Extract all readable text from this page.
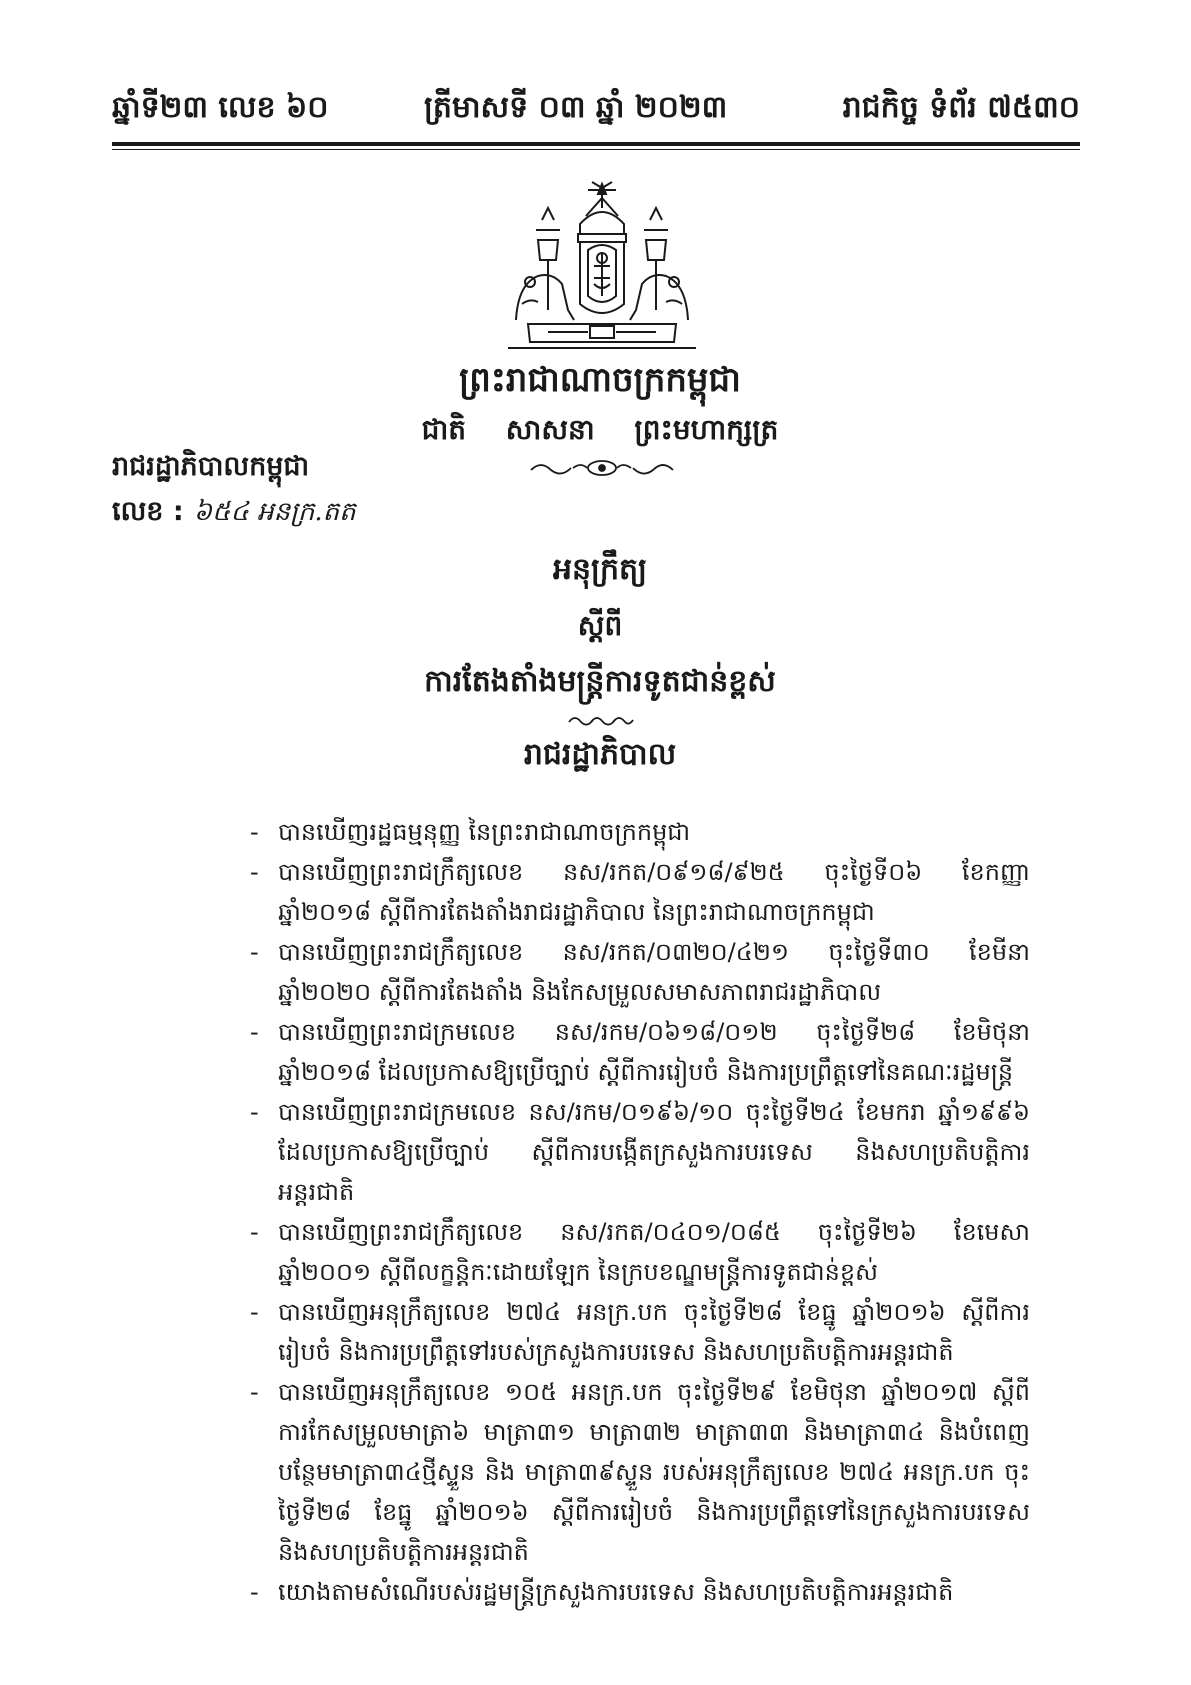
ឆ្នាំទី២៣ លេខ ៦០	ត្រីមាសទី ០៣ ឆ្នាំ ២០២៣	រាជកិច្ច ទំព័រ ៧៥៣០
ព្រះរាជាណាចក្រកម្ពុជា
ជាតិ សាសនា ព្រះមហាក្សត្រ
រាជរដ្ឋាភិបាលកម្ពុជា
លេខ : ៦៥៤ អនក្រ.តត
អនុក្រឹត្យ
ស្តីពី
ការតែងតាំងមន្ត្រីការទូតជាន់ខ្ពស់
រាជរដ្ឋាភិបាល
- បានឃើញរដ្ឋធម្មនុញ្ញ នៃព្រះរាជាណាចក្រកម្ពុជា
- បានឃើញព្រះរាជក្រឹត្យលេខ នស/រកត/០៩១៨/៩២៥ ចុះថ្ងៃទី០៦ ខែកញ្ញា ឆ្នាំ២០១៨ ស្តីពីការតែងតាំងរាជរដ្ឋាភិបាល នៃព្រះរាជាណាចក្រកម្ពុជា
- បានឃើញព្រះរាជក្រឹត្យលេខ នស/រកត/០៣២០/៤២១ ចុះថ្ងៃទី៣០ ខែមីនា ឆ្នាំ២០២០ ស្តីពីការតែងតាំង និងកែសម្រួលសមាសភាពរាជរដ្ឋាភិបាល
- បានឃើញព្រះរាជក្រមលេខ នស/រកម/០៦១៨/០១២ ចុះថ្ងៃទី២៨ ខែមិថុនា ឆ្នាំ២០១៨ ដែលប្រកាសឱ្យប្រើច្បាប់ ស្តីពីការរៀបចំ និងការប្រព្រឹត្តទៅនៃគណៈរដ្ឋមន្ត្រី
- បានឃើញព្រះរាជក្រមលេខ នស/រកម/០១៩៦/១០ ចុះថ្ងៃទី២៤ ខែមករា ឆ្នាំ១៩៩៦ ដែលប្រកាសឱ្យប្រើច្បាប់ ស្តីពីការបង្កើតក្រសួងការបរទេស និងសហប្រតិបត្តិការអន្តរជាតិ
- បានឃើញព្រះរាជក្រឹត្យលេខ នស/រកត/០៤០១/០៨៥ ចុះថ្ងៃទី២៦ ខែមេសា ឆ្នាំ២០០១ ស្តីពីលក្ខន្តិកៈដោយឡែក នៃក្របខណ្ឌមន្ត្រីការទូតជាន់ខ្ពស់
- បានឃើញអនុក្រឹត្យលេខ ២៧៤ អនក្រ.បក ចុះថ្ងៃទី២៨ ខែធ្នូ ឆ្នាំ២០១៦ ស្តីពីការរៀបចំ និងការប្រព្រឹត្តទៅរបស់ក្រសួងការបរទេស និងសហប្រតិបត្តិការអន្តរជាតិ
- បានឃើញអនុក្រឹត្យលេខ ១០៥ អនក្រ.បក ចុះថ្ងៃទី២៩ ខែមិថុនា ឆ្នាំ២០១៧ ស្តីពីការកែសម្រួលមាត្រា៦ មាត្រា៣១ មាត្រា៣២ មាត្រា៣៣ និងមាត្រា៣៤ និងបំពេញបន្ថែមមាត្រា៣៤ថ្មីស្ទួន និង មាត្រា៣៩ស្ទួន របស់អនុក្រឹត្យលេខ ២៧៤ អនក្រ.បក ចុះថ្ងៃទី២៨ ខែធ្នូ ឆ្នាំ២០១៦ ស្តីពីការរៀបចំ និងការប្រព្រឹត្តទៅនៃក្រសួងការបរទេស និងសហប្រតិបត្តិការអន្តរជាតិ
- យោងតាមសំណើរបស់រដ្ឋមន្ត្រីក្រសួងការបរទេស និងសហប្រតិបត្តិការអន្តរជាតិ
